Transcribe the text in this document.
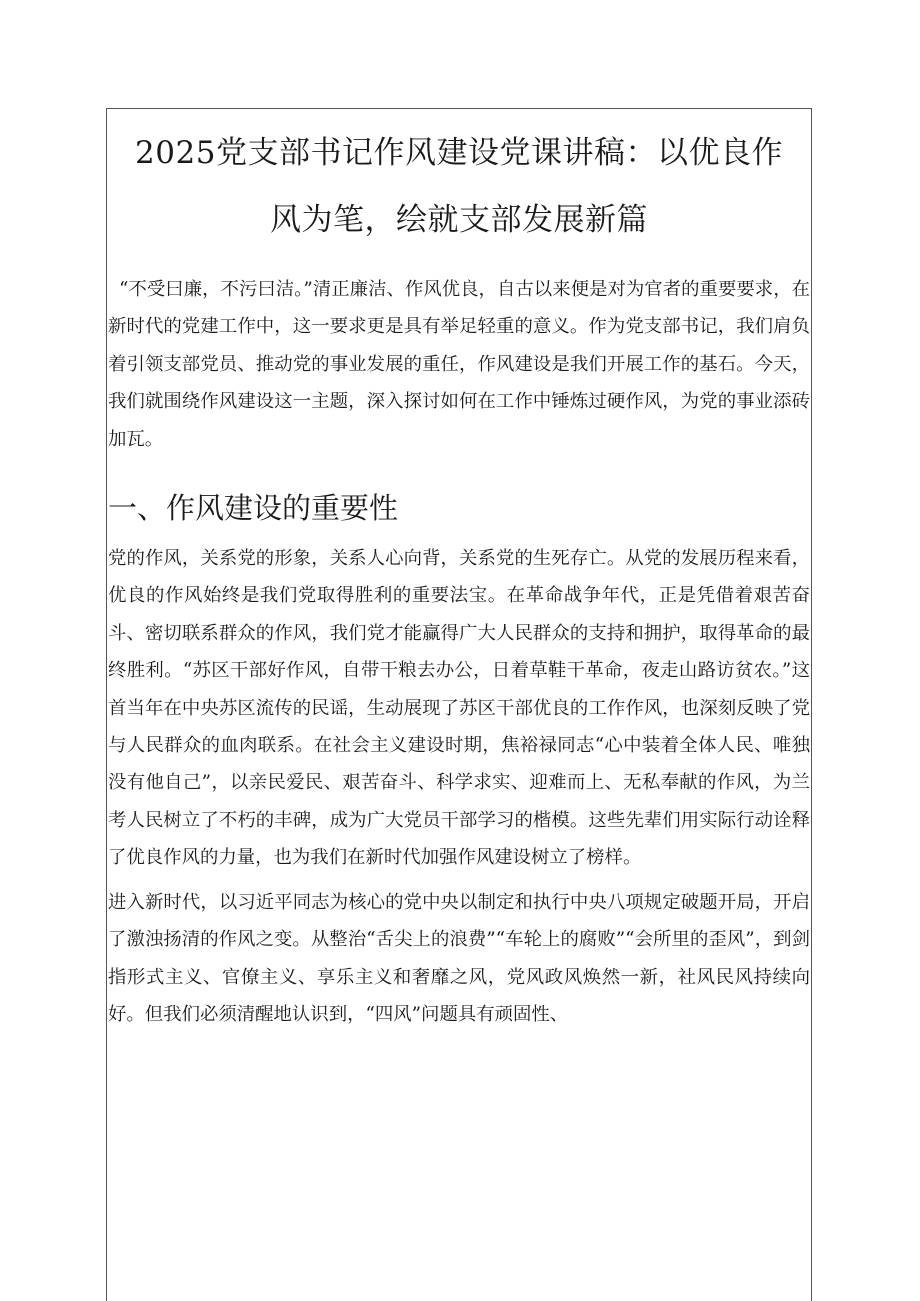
2025党支部书记作风建设党课讲稿：以优良作
风为笔，绘就支部发展新篇

“不受曰廉，不污曰洁。”清正廉洁、作风优良，自古以来便是对为官者的重要要求，在新时代的党建工作中，这一要求更是具有举足轻重的意义。作为党支部书记，我们肩负着引领支部党员、推动党的事业发展的重任，作风建设是我们开展工作的基石。今天，我们就围绕作风建设这一主题，深入探讨如何在工作中锤炼过硬作风，为党的事业添砖加瓦。

一、作风建设的重要性

党的作风，关系党的形象，关系人心向背，关系党的生死存亡。从党的发展历程来看，优良的作风始终是我们党取得胜利的重要法宝。在革命战争年代，正是凭借着艰苦奋斗、密切联系群众的作风，我们党才能赢得广大人民群众的支持和拥护，取得革命的最终胜利。“苏区干部好作风，自带干粮去办公，日着草鞋干革命，夜走山路访贫农。”这首当年在中央苏区流传的民谣，生动展现了苏区干部优良的工作作风，也深刻反映了党与人民群众的血肉联系。在社会主义建设时期，焦裕禄同志“心中装着全体人民、唯独没有他自己”，以亲民爱民、艰苦奋斗、科学求实、迎难而上、无私奉献的作风，为兰考人民树立了不朽的丰碑，成为广大党员干部学习的楷模。这些先辈们用实际行动诠释了优良作风的力量，也为我们在新时代加强作风建设树立了榜样。

进入新时代，以习近平同志为核心的党中央以制定和执行中央八项规定破题开局，开启了激浊扬清的作风之变。从整治“舌尖上的浪费”“车轮上的腐败”“会所里的歪风”，到剑指形式主义、官僚主义、享乐主义和奢靡之风，党风政风焕然一新，社风民风持续向好。但我们必须清醒地认识到，“四风”问题具有顽固性、
